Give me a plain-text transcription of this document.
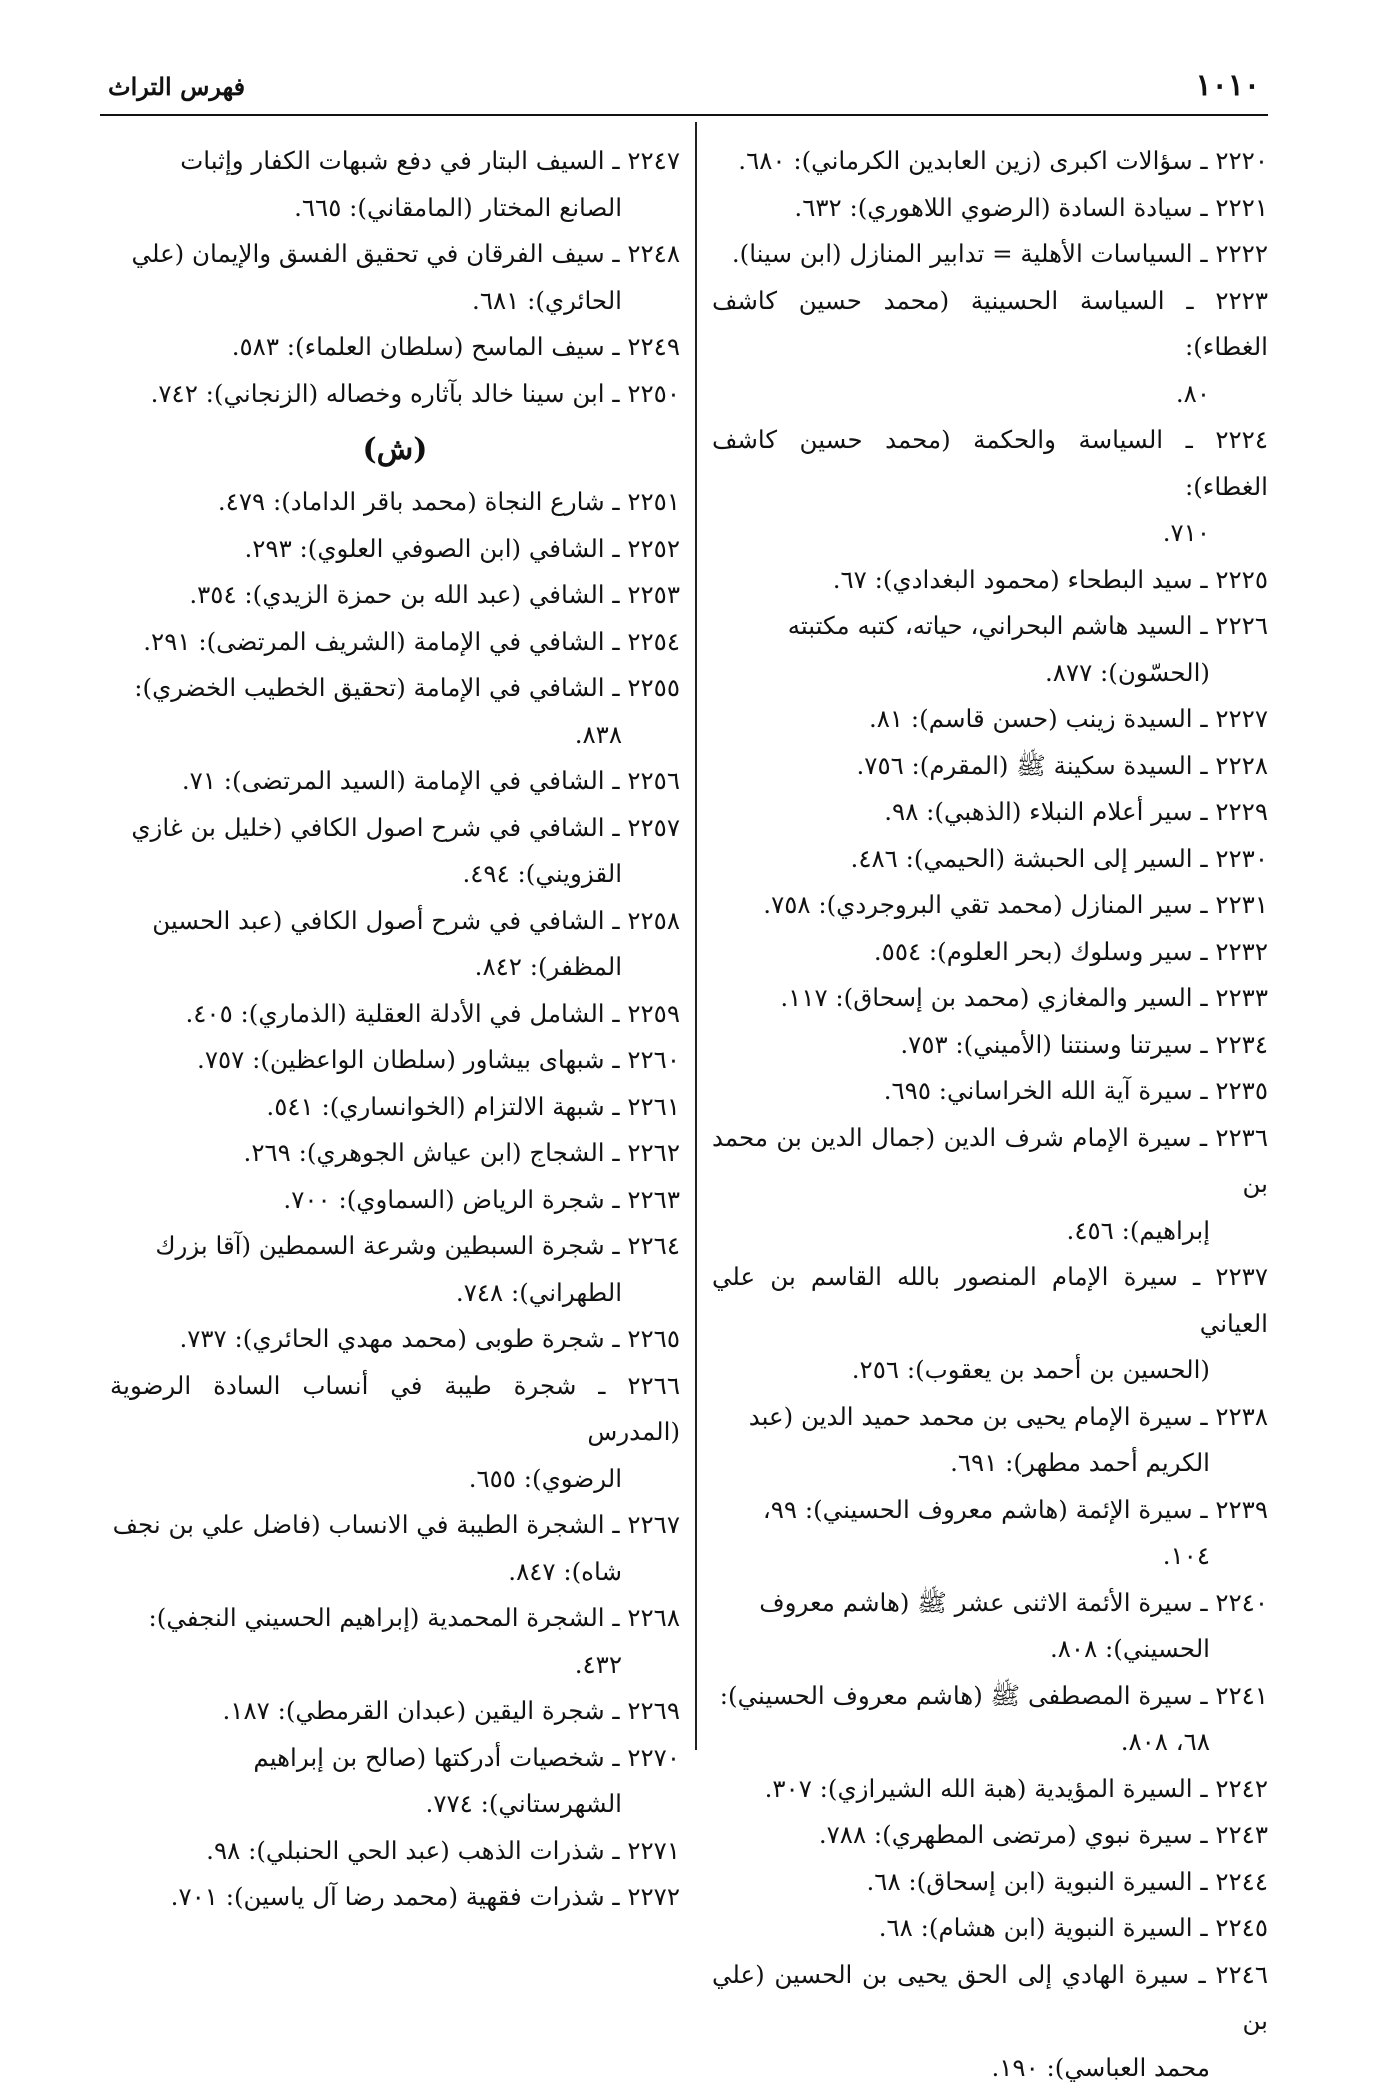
١٠١٠
فهرس التراث
٢٢٢٠ ـ سؤالات اكبرى (زين العابدين الكرماني): ٦٨٠.
٢٢٢١ ـ سيادة السادة (الرضوي اللاهوري): ٦٣٢.
٢٢٢٢ ـ السياسات الأهلية = تدابير المنازل (ابن سينا).
٢٢٢٣ ـ السياسة الحسينية (محمد حسين كاشف الغطاء):
٨٠.
٢٢٢٤ ـ السياسة والحكمة (محمد حسين كاشف الغطاء):
٧١٠.
٢٢٢٥ ـ سيد البطحاء (محمود البغدادي): ٦٧.
٢٢٢٦ ـ السيد هاشم البحراني، حياته، كتبه مكتبته
(الحسّون): ٨٧٧.
٢٢٢٧ ـ السيدة زينب (حسن قاسم): ٨١.
٢٢٢٨ ـ السيدة سكينة ﷺ (المقرم): ٧٥٦.
٢٢٢٩ ـ سير أعلام النبلاء (الذهبي): ٩٨.
٢٢٣٠ ـ السير إلى الحبشة (الحيمي): ٤٨٦.
٢٢٣١ ـ سير المنازل (محمد تقي البروجردي): ٧٥٨.
٢٢٣٢ ـ سير وسلوك (بحر العلوم): ٥٥٤.
٢٢٣٣ ـ السير والمغازي (محمد بن إسحاق): ١١٧.
٢٢٣٤ ـ سيرتنا وسنتنا (الأميني): ٧٥٣.
٢٢٣٥ ـ سيرة آية الله الخراساني: ٦٩٥.
٢٢٣٦ ـ سيرة الإمام شرف الدين (جمال الدين بن محمد بن
إبراهيم): ٤٥٦.
٢٢٣٧ ـ سيرة الإمام المنصور بالله القاسم بن علي العياني
(الحسين بن أحمد بن يعقوب): ٢٥٦.
٢٢٣٨ ـ سيرة الإمام يحيى بن محمد حميد الدين (عبد
الكريم أحمد مطهر): ٦٩١.
٢٢٣٩ ـ سيرة الإئمة (هاشم معروف الحسيني): ٩٩،
١٠٤.
٢٢٤٠ ـ سيرة الأئمة الاثنى عشر ﷺ (هاشم معروف
الحسيني): ٨٠٨.
٢٢٤١ ـ سيرة المصطفى ﷺ (هاشم معروف الحسيني):
٦٨، ٨٠٨.
٢٢٤٢ ـ السيرة المؤيدية (هبة الله الشيرازي): ٣٠٧.
٢٢٤٣ ـ سيرة نبوي (مرتضى المطهري): ٧٨٨.
٢٢٤٤ ـ السيرة النبوية (ابن إسحاق): ٦٨.
٢٢٤٥ ـ السيرة النبوية (ابن هشام): ٦٨.
٢٢٤٦ ـ سيرة الهادي إلى الحق يحيى بن الحسين (علي بن
محمد العباسي): ١٩٠.
٢٢٤٧ ـ السيف البتار في دفع شبهات الكفار وإثبات
الصانع المختار (المامقاني): ٦٦٥.
٢٢٤٨ ـ سيف الفرقان في تحقيق الفسق والإيمان (علي
الحائري): ٦٨١.
٢٢٤٩ ـ سيف الماسح (سلطان العلماء): ٥٨٣.
٢٢٥٠ ـ ابن سينا خالد بآثاره وخصاله (الزنجاني): ٧٤٢.
(ش)
٢٢٥١ ـ شارع النجاة (محمد باقر الداماد): ٤٧٩.
٢٢٥٢ ـ الشافي (ابن الصوفي العلوي): ٢٩٣.
٢٢٥٣ ـ الشافي (عبد الله بن حمزة الزيدي): ٣٥٤.
٢٢٥٤ ـ الشافي في الإمامة (الشريف المرتضى): ٢٩١.
٢٢٥٥ ـ الشافي في الإمامة (تحقيق الخطيب الخضري):
٨٣٨.
٢٢٥٦ ـ الشافي في الإمامة (السيد المرتضى): ٧١.
٢٢٥٧ ـ الشافي في شرح اصول الكافي (خليل بن غازي
القزويني): ٤٩٤.
٢٢٥٨ ـ الشافي في شرح أصول الكافي (عبد الحسين
المظفر): ٨٤٢.
٢٢٥٩ ـ الشامل في الأدلة العقلية (الذماري): ٤٠٥.
٢٢٦٠ ـ شبهاى بيشاور (سلطان الواعظين): ٧٥٧.
٢٢٦١ ـ شبهة الالتزام (الخوانساري): ٥٤١.
٢٢٦٢ ـ الشجاج (ابن عياش الجوهري): ٢٦٩.
٢٢٦٣ ـ شجرة الرياض (السماوي): ٧٠٠.
٢٢٦٤ ـ شجرة السبطين وشرعة السمطين (آقا بزرك
الطهراني): ٧٤٨.
٢٢٦٥ ـ شجرة طوبى (محمد مهدي الحائري): ٧٣٧.
٢٢٦٦ ـ شجرة طيبة في أنساب السادة الرضوية (المدرس
الرضوي): ٦٥٥.
٢٢٦٧ ـ الشجرة الطيبة في الانساب (فاضل علي بن نجف
شاه): ٨٤٧.
٢٢٦٨ ـ الشجرة المحمدية (إبراهيم الحسيني النجفي):
٤٣٢.
٢٢٦٩ ـ شجرة اليقين (عبدان القرمطي): ١٨٧.
٢٢٧٠ ـ شخصيات أدركتها (صالح بن إبراهيم
الشهرستاني): ٧٧٤.
٢٢٧١ ـ شذرات الذهب (عبد الحي الحنبلي): ٩٨.
٢٢٧٢ ـ شذرات فقهية (محمد رضا آل ياسين): ٧٠١.
